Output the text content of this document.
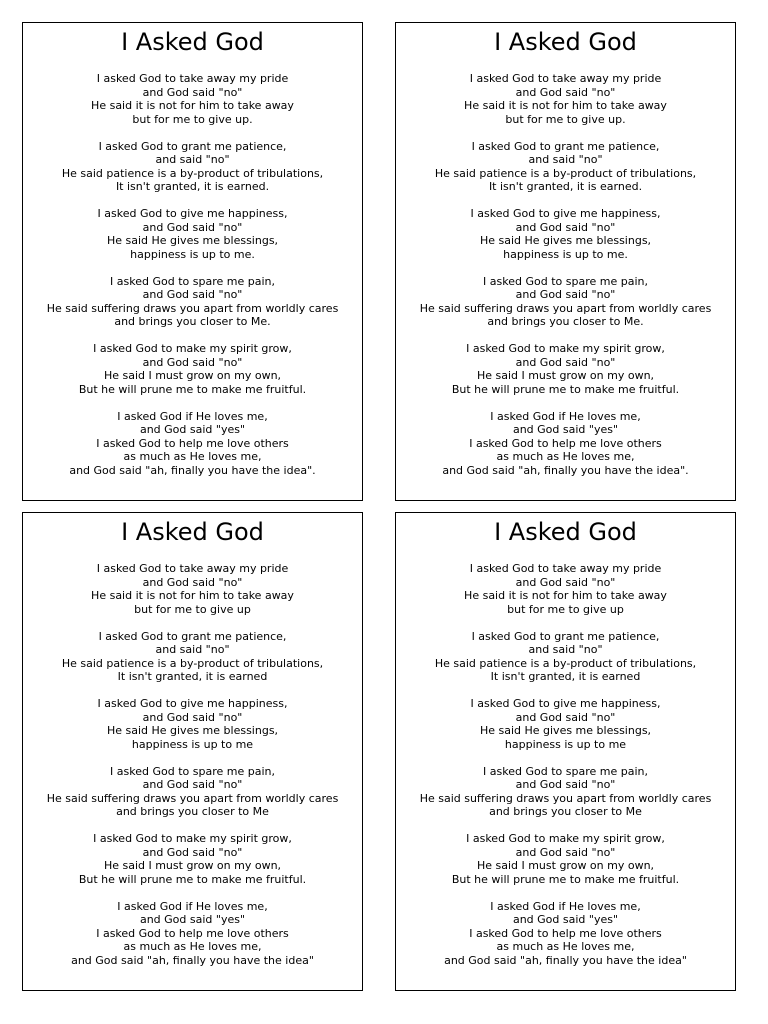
I Asked God
I asked God to take away my pride
and God said "no"
He said it is not for him to take away
but for me to give up.
I asked God to grant me patience,
and said "no"
He said patience is a by-product of tribulations,
It isn't granted, it is earned.
I asked God to give me happiness,
and God said "no"
He said He gives me blessings,
happiness is up to me.
I asked God to spare me pain,
and God said "no"
He said suffering draws you apart from worldly cares
and brings you closer to Me.
I asked God to make my spirit grow,
and God said "no"
He said I must grow on my own,
But he will prune me to make me fruitful.
I asked God if He loves me,
and God said "yes"
I asked God to help me love others
as much as He loves me,
and God said "ah, finally you have the idea".
I Asked God
I asked God to take away my pride
and God said "no"
He said it is not for him to take away
but for me to give up.
I asked God to grant me patience,
and said "no"
He said patience is a by-product of tribulations,
It isn't granted, it is earned.
I asked God to give me happiness,
and God said "no"
He said He gives me blessings,
happiness is up to me.
I asked God to spare me pain,
and God said "no"
He said suffering draws you apart from worldly cares
and brings you closer to Me.
I asked God to make my spirit grow,
and God said "no"
He said I must grow on my own,
But he will prune me to make me fruitful.
I asked God if He loves me,
and God said "yes"
I asked God to help me love others
as much as He loves me,
and God said "ah, finally you have the idea".
I Asked God
I asked God to take away my pride
and God said "no"
He said it is not for him to take away
but for me to give up
I asked God to grant me patience,
and said "no"
He said patience is a by-product of tribulations,
It isn't granted, it is earned
I asked God to give me happiness,
and God said "no"
He said He gives me blessings,
happiness is up to me
I asked God to spare me pain,
and God said "no"
He said suffering draws you apart from worldly cares
and brings you closer to Me
I asked God to make my spirit grow,
and God said "no"
He said I must grow on my own,
But he will prune me to make me fruitful.
I asked God if He loves me,
and God said "yes"
I asked God to help me love others
as much as He loves me,
and God said "ah, finally you have the idea"
I Asked God
I asked God to take away my pride
and God said "no"
He said it is not for him to take away
but for me to give up
I asked God to grant me patience,
and said "no"
He said patience is a by-product of tribulations,
It isn't granted, it is earned
I asked God to give me happiness,
and God said "no"
He said He gives me blessings,
happiness is up to me
I asked God to spare me pain,
and God said "no"
He said suffering draws you apart from worldly cares
and brings you closer to Me
I asked God to make my spirit grow,
and God said "no"
He said I must grow on my own,
But he will prune me to make me fruitful.
I asked God if He loves me,
and God said "yes"
I asked God to help me love others
as much as He loves me,
and God said "ah, finally you have the idea"
